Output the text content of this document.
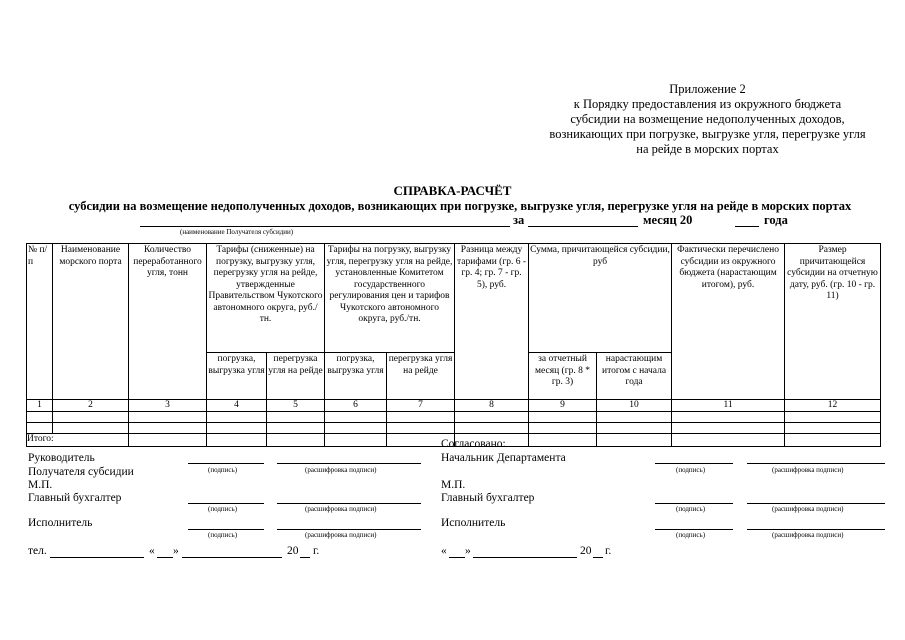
Приложение 2
к Порядку предоставления из окружного бюджета
субсидии на возмещение недополученных доходов,
возникающих при погрузке, выгрузке угля, перегрузке угля
на рейде в морских портах
СПРАВКА-РАСЧЁТ
субсидии на возмещение недополученных доходов, возникающих при погрузке, выгрузке угля, перегрузке угля на рейде в морских портах
за	месяц 20	года
(наименование Получателя субсидии)
№ п/п	Наименование морского порта	Количество переработанного угля, тонн	Тарифы (сниженные) на погрузку, выгрузку угля, перегрузку угля на рейде, утвержденные Правительством Чукотского автономного округа, руб./тн.		Тарифы на погрузку, выгрузку угля, перегрузку угля на рейде, установленные Комитетом государственного регулирования цен и тарифов Чукотского автономного округа, руб./тн.		Разница между тарифами (гр. 6 - гр. 4; гр. 7 - гр. 5), руб.	Сумма, причитающейся субсидии, руб		Фактически перечислено субсидии из окружного бюджета (нарастающим итогом), руб.	Размер причитающейся субсидии на отчетную дату, руб. (гр. 10 - гр. 11)
			погрузка, выгрузка угля	перегрузка угля на рейде	погрузка, выгрузка угля	перегрузка угля на рейде		за отчетный месяц (гр. 8 * гр. 3)	нарастающим итогом с начала года		
1	2	3	4	5	6	7	8	9	10	11	12

Итого:												Согласовано:
Руководитель
Получателя субсидии	(подпись)	(расшифровка подписи)
М.П.
Главный бухгалтер
(подпись)	(расшифровка подписи)
Исполнитель
(подпись)	(расшифровка подписи)
тел.	« »	20 г.
Начальник Департамента
(подпись)	(расшифровка подписи)
М.П.
Главный бухгалтер
(подпись)	(расшифровка подписи)
Исполнитель
(подпись)	(расшифровка подписи)
« »	20 г.
